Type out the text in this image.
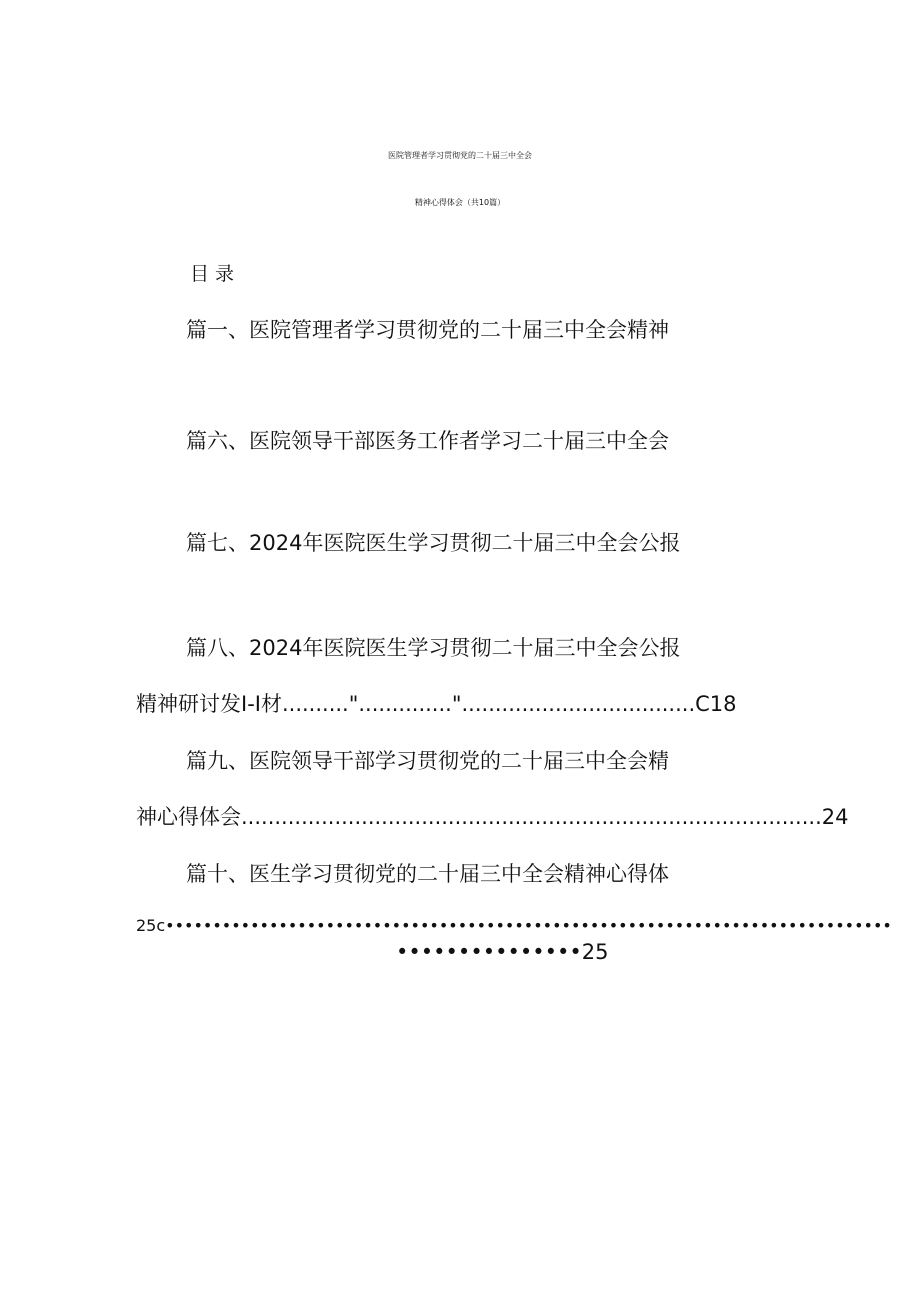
医院管理者学习贯彻党的二十届三中全会
精神心得体会（共10篇）
目录
篇一、医院管理者学习贯彻党的二十届三中全会精神
篇六、医院领导干部医务工作者学习二十届三中全会
篇七、2024年医院医生学习贯彻二十届三中全会公报
篇八、2024年医院医生学习贯彻二十届三中全会公报
精神研讨发I-I材..........".............."...................................C18
篇九、医院领导干部学习贯彻党的二十届三中全会精
神心得体会.......................................................................................24
篇十、医生学习贯彻党的二十届三中全会精神心得体
25c•••••••••••••••••••••••••••••••••••••••••••••••••••••••••••••••••••••••••••••
•••••••••••••••25
